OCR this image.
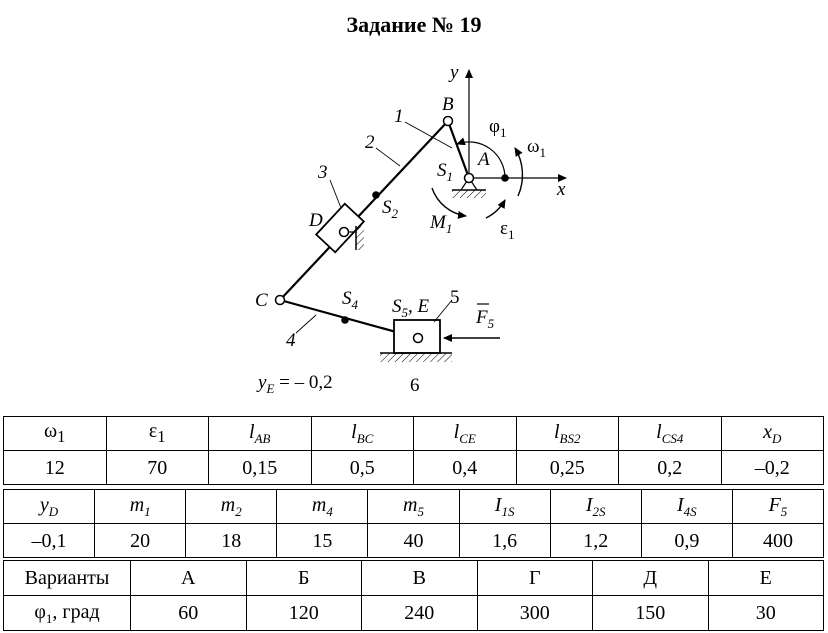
Задание № 19
y
x
B
A
C
D
$S_1$
$S_2$
$S_4$ $S_5$, E
1
2
3
4
5
6
$\varphi_1$
$\omega_1$
$\varepsilon_1$
$M_1$
$F_5$
$y_E$ = – 0,2
$\omega_1$	$\varepsilon_1$	$l_{AB}$	$l_{BC}$	$l_{CE}$	$l_{BS2}$	$l_{CS4}$	$x_D$
12	70	0,15	0,5	0,4	0,25	0,2	–0,2
$y_D$	$m_1$	$m_2$	$m_4$	$m_5$	$I_{1S}$	$I_{2S}$	$I_{4S}$	$F_5$
–0,1	20	18	15	40	1,6	1,2	0,9	400
Варианты	А	Б	В	Г	Д	Е
$\varphi_1$, град	60	120	240	300	150	30
